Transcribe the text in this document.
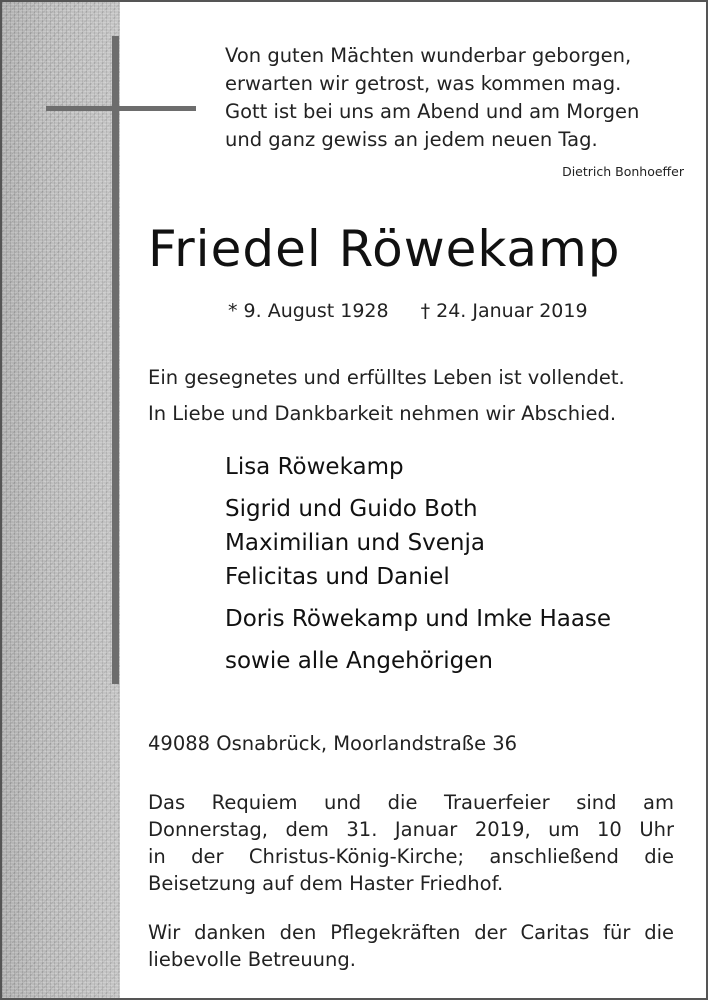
Von guten Mächten wunderbar geborgen,
erwarten wir getrost, was kommen mag.
Gott ist bei uns am Abend und am Morgen
und ganz gewiss an jedem neuen Tag.
Dietrich Bonhoeffer
Friedel Röwekamp
* 9. August 1928 † 24. Januar 2019
Ein gesegnetes und erfülltes Leben ist vollendet.
In Liebe und Dankbarkeit nehmen wir Abschied.
Lisa Röwekamp
Sigrid und Guido Both
Maximilian und Svenja
Felicitas und Daniel
Doris Röwekamp und Imke Haase
sowie alle Angehörigen
49088 Osnabrück, Moorlandstraße 36
Das Requiem und die Trauerfeier sind am
Donnerstag, dem 31. Januar 2019, um 10 Uhr
in der Christus-König-Kirche; anschließend die
Beisetzung auf dem Haster Friedhof.
Wir danken den Pflegekräften der Caritas für die
liebevolle Betreuung.
